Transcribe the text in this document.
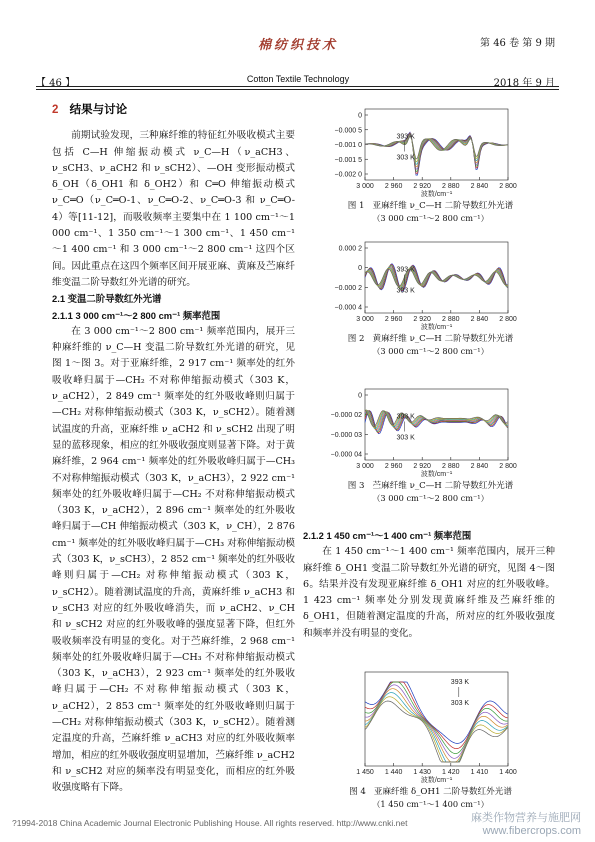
【 46 】
棉纺织技术
Cotton Textile Technology
第 46 卷 第 9 期
2018 年 9 月
2 结果与讨论

前期试验发现，三种麻纤维的特征红外吸收模式主要包括 C—H 伸缩振动模式 ν_C—H（ν_aCH3、ν_sCH3、ν_aCH2 和 ν_sCH2）、—OH 变形振动模式 δ_OH（δ_OH1 和 δ_OH2）和 C═O 伸缩振动模式 ν_C═O（ν_C═O-1、ν_C═O-2、ν_C═O-3 和 ν_C═O-4）等[11-12]，而吸收频率主要集中在 1 100 cm⁻¹～1 000 cm⁻¹、1 350 cm⁻¹～1 300 cm⁻¹、1 450 cm⁻¹～1 400 cm⁻¹ 和 3 000 cm⁻¹～2 800 cm⁻¹ 这四个区间。因此重点在这四个频率区间开展亚麻、黄麻及苎麻纤维变温二阶导数红外光谱的研究。

2.1 变温二阶导数红外光谱
2.1.1 3 000 cm⁻¹～2 800 cm⁻¹ 频率范围

在 3 000 cm⁻¹～2 800 cm⁻¹ 频率范围内，展开三种麻纤维的 ν_C—H 变温二阶导数红外光谱的研究，见图 1～图 3。对于亚麻纤维，2 917 cm⁻¹ 频率处的红外吸收峰归属于—CH₂ 不对称伸缩振动模式（303 K，ν_aCH2），2 849 cm⁻¹ 频率处的红外吸收峰则归属于—CH₂ 对称伸缩振动模式（303 K，ν_sCH2）。随着测试温度的升高，亚麻纤维 ν_aCH2 和 ν_sCH2 出现了明显的蓝移现象，相应的红外吸收强度则显著下降。对于黄麻纤维，2 964 cm⁻¹ 频率处的红外吸收峰归属于—CH₃ 不对称伸缩振动模式（303 K，ν_aCH3），2 922 cm⁻¹ 频率处的红外吸收峰归属于—CH₂ 不对称伸缩振动模式（303 K，ν_aCH2），2 896 cm⁻¹ 频率处的红外吸收峰归属于—CH 伸缩振动模式（303 K，ν_CH），2 876 cm⁻¹ 频率处的红外吸收峰归属于—CH₃ 对称伸缩振动模式（303 K，ν_sCH3），2 852 cm⁻¹ 频率处的红外吸收峰则归属于—CH₂ 对称伸缩振动模式（303 K，ν_sCH2）。随着测试温度的升高，黄麻纤维 ν_aCH3 和 ν_sCH3 对应的红外吸收峰消失，而 ν_aCH2、ν_CH 和 ν_sCH2 对应的红外吸收峰的强度显著下降，但红外吸收频率没有明显的变化。对于苎麻纤维，2 968 cm⁻¹ 频率处的红外吸收峰归属于—CH₃ 不对称伸缩振动模式（303 K，ν_aCH3），2 923 cm⁻¹ 频率处的红外吸收峰归属于—CH₂ 不对称伸缩振动模式（303 K，ν_aCH2），2 853 cm⁻¹ 频率处的红外吸收峰则归属于—CH₂ 对称伸缩振动模式（303 K，ν_sCH2）。随着测定温度的升高，苎麻纤维 ν_aCH3 对应的红外吸收频率增加，相应的红外吸收强度明显增加，苎麻纤维 ν_aCH2 和 ν_sCH2 对应的频率没有明显变化，而相应的红外吸收强度略有下降。

0
−0.000 5
−0.001 0
−0.001 5
−0.002 0
3 000 2 960 2 920 2 880 2 840 2 800
波数/cm⁻¹
393 K
303 K
图 1 亚麻纤维 ν_C—H 二阶导数红外光谱
（3 000 cm⁻¹～2 800 cm⁻¹）
0.000 2
0
−0.000 2
−0.000 4
3 000 2 960 2 920 2 880 2 840 2 800
波数/cm⁻¹
393 K
303 K
图 2 黄麻纤维 ν_C—H 二阶导数红外光谱
（3 000 cm⁻¹～2 800 cm⁻¹）
0
−0.000 02
−0.000 03
−0.000 04
3 000 2 960 2 920 2 880 2 840 2 800
波数/cm⁻¹
393 K
303 K
图 3 苎麻纤维 ν_C—H 二阶导数红外光谱
（3 000 cm⁻¹～2 800 cm⁻¹）
1 450 1 440 1 430 1 420 1 410 1 400
波数/cm⁻¹
393 K
303 K
图 4 亚麻纤维 δ_OH1 二阶导数红外光谱
（1 450 cm⁻¹～1 400 cm⁻¹）
2.1.2 1 450 cm⁻¹～1 400 cm⁻¹ 频率范围

在 1 450 cm⁻¹～1 400 cm⁻¹ 频率范围内，展开三种麻纤维 δ_OH1 变温二阶导数红外光谱的研究，见图 4～图 6。结果并没有发现亚麻纤维 δ_OH1 对应的红外吸收峰。1 423 cm⁻¹ 频率处分别发现黄麻纤维及苎麻纤维的 δ_OH1，但随着测定温度的升高，所对应的红外吸收强度和频率并没有明显的变化。

?1994-2018 China Academic Journal Electronic Publishing House. All rights reserved. http://www.cnki.net	麻类作物营养与施肥网
www.fibercrops.com
